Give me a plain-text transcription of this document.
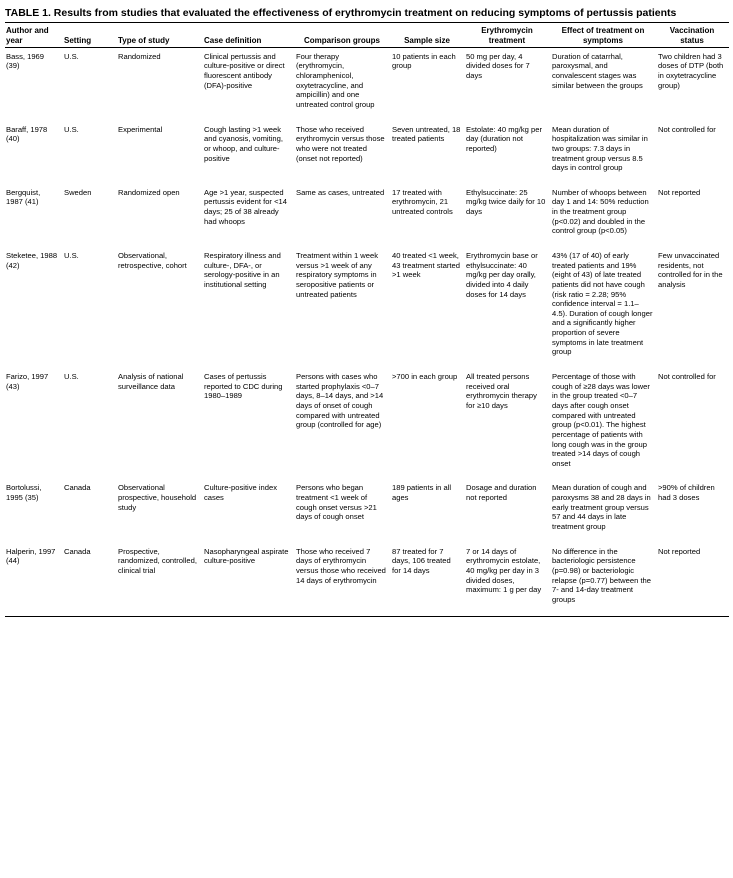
TABLE 1. Results from studies that evaluated the effectiveness of erythromycin treatment on reducing symptoms of pertussis patients
Author and year	Setting	Type of study	Case definition	Comparison groups	Sample size	Erythromycin treatment	Effect of treatment on symptoms	Vaccination status
Bass, 1969 (39)	U.S.	Randomized	Clinical pertussis and culture-positive or direct fluorescent antibody (DFA)-positive	Four therapy (erythromycin, chloramphenicol, oxytetracycline, and ampicillin) and one untreated control group	10 patients in each group	50 mg per day, 4 divided doses for 7 days	Duration of catarrhal, paroxysmal, and convalescent stages was similar between the groups	Two children had 3 doses of DTP (both in oxytetracycline group)
Baraff, 1978 (40)	U.S.	Experimental	Cough lasting >1 week and cyanosis, vomiting, or whoop, and culture-positive	Those who received erythromycin versus those who were not treated (onset not reported)	Seven untreated, 18 treated patients	Estolate: 40 mg/kg per day (duration not reported)	Mean duration of hospitalization was similar in two groups: 7.3 days in treatment group versus 8.5 days in control group	Not controlled for
Bergquist, 1987 (41)	Sweden	Randomized open	Age >1 year, suspected pertussis evident for <14 days; 25 of 38 already had whoops	Same as cases, untreated	17 treated with erythromycin, 21 untreated controls	Ethylsuccinate: 25 mg/kg twice daily for 10 days	Number of whoops between day 1 and 14: 50% reduction in the treatment group (p<0.02) and doubled in the control group (p<0.05)	Not reported
Steketee, 1988 (42)	U.S.	Observational, retrospective, cohort	Respiratory illness and culture-, DFA-, or serology-positive in an institutional setting	Treatment within 1 week versus >1 week of any respiratory symptoms in seropositive patients or untreated patients	40 treated <1 week, 43 treatment started >1 week	Erythromycin base or ethylsuccinate: 40 mg/kg per day orally, divided into 4 daily doses for 14 days	43% (17 of 40) of early treated patients and 19% (eight of 43) of late treated patients did not have cough (risk ratio = 2.28; 95% confidence interval = 1.1–4.5). Duration of cough longer and a significantly higher proportion of severe symptoms in late treatment group	Few unvaccinated residents, not controlled for in the analysis
Farizo, 1997 (43)	U.S.	Analysis of national surveillance data	Cases of pertussis reported to CDC during 1980–1989	Persons with cases who started prophylaxis <0–7 days, 8–14 days, and >14 days of onset of cough compared with untreated group (controlled for age)	>700 in each group	All treated persons received oral erythromycin therapy for ≥10 days	Percentage of those with cough of ≥28 days was lower in the group treated <0–7 days after cough onset compared with untreated group (p<0.01). The highest percentage of patients with long cough was in the group treated >14 days of cough onset	Not controlled for
Bortolussi, 1995 (35)	Canada	Observational prospective, household study	Culture-positive index cases	Persons who began treatment <1 week of cough onset versus >21 days of cough onset	189 patients in all ages	Dosage and duration not reported	Mean duration of cough and paroxysms 38 and 28 days in early treatment group versus 57 and 44 days in late treatment group	>90% of children had 3 doses
Halperin, 1997 (44)	Canada	Prospective, randomized, controlled, clinical trial	Nasopharyngeal aspirate culture-positive	Those who received 7 days of erythromycin versus those who received 14 days of erythromycin	87 treated for 7 days, 106 treated for 14 days	7 or 14 days of erythromycin estolate, 40 mg/kg per day in 3 divided doses, maximum: 1 g per day	No difference in the bacteriologic persistence (p=0.98) or bacteriologic relapse (p=0.77) between the 7- and 14-day treatment groups	Not reported
